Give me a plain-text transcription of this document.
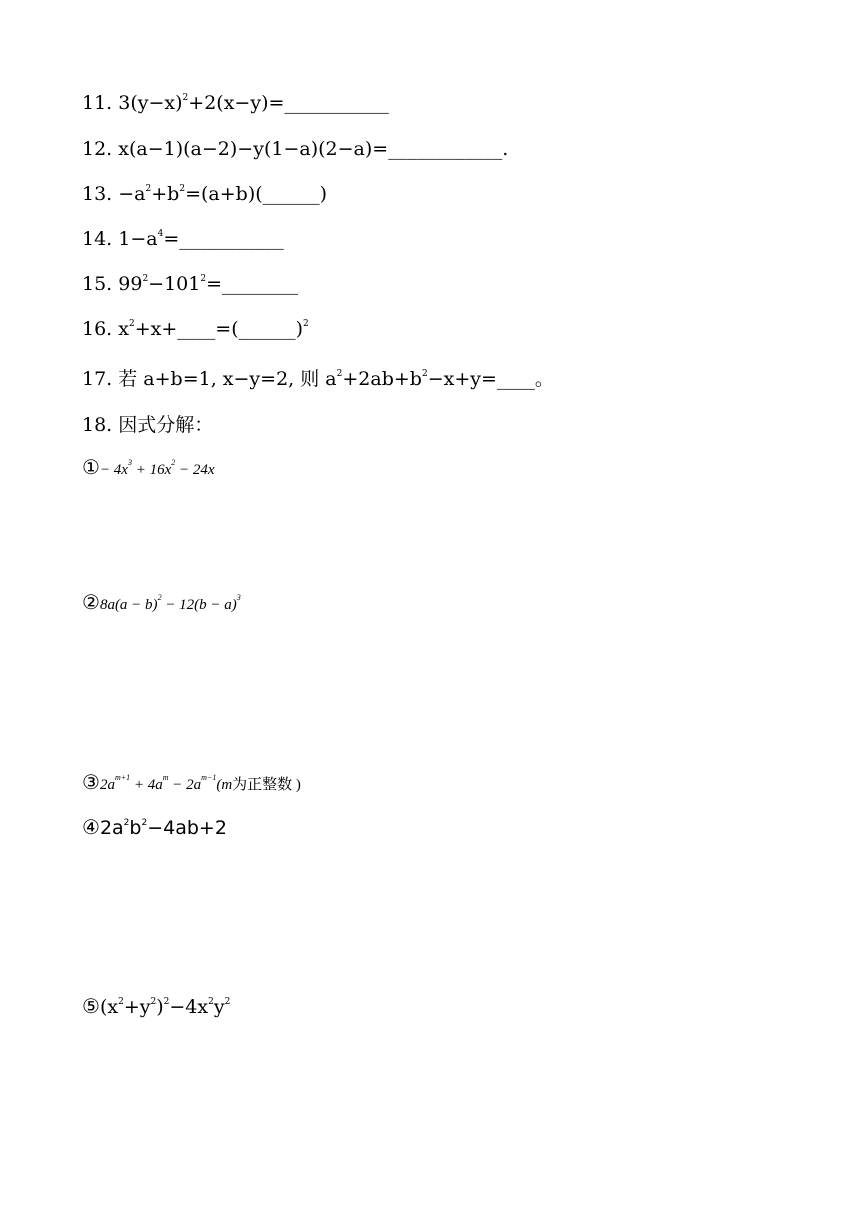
11. $3(y-x)^2+2(x-y)=\_\_\_\_\_\_\_\_\_\_\_$
12. x(a−1)(a−2)−y(1−a)(2−a)=____________.
13. $-a^2+b^2=(a+b)(\_\_\_\_\_\_)$
14. $1-a^4=\_\_\_\_\_\_\_\_\_\_\_$
15. $99^2-101^2=\_\_\_\_\_\_\_\_$
16. $x^2+x+\_\_\_\_=(\_\_\_\_\_\_)^2$
17. 若 a+b=1, x−y=2, 则 $a^2+2ab+b^2-x+y=\_\_\_\_$。
18. 因式分解：
①− $4x^3 + 16x^2 - 24x$
②8a(a − $b)^2 - 12(b - a)^3$
$③2a^{m+1} + 4a^m - 2a^{m-1}(m$为正整数 )
$④2a^2b^2-4ab+2$
$⑤(x^2+y^2)^2-4x^2y^2$
